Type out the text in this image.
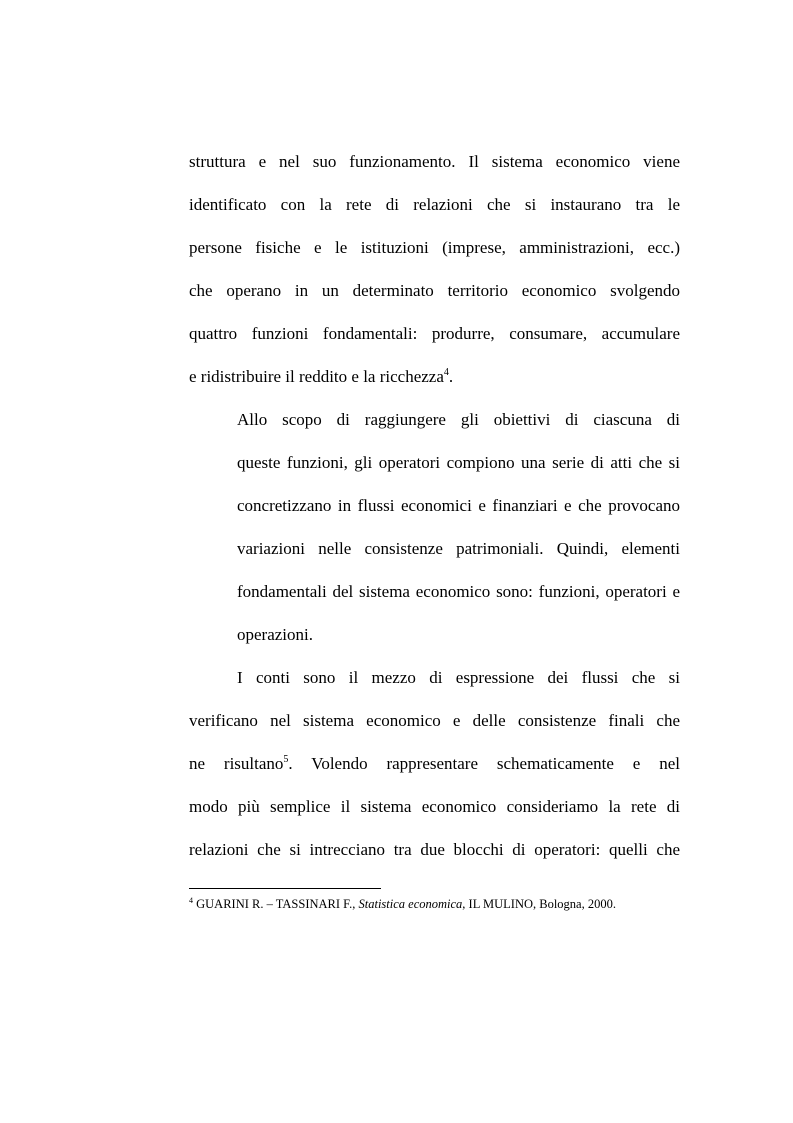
struttura e nel suo funzionamento. Il sistema economico viene
identificato con la rete di relazioni che si instaurano tra le
persone fisiche e le istituzioni (imprese, amministrazioni, ecc.)
che operano in un determinato territorio economico svolgendo
quattro funzioni fondamentali: produrre, consumare, accumulare
e ridistribuire il reddito e la ricchezza$^4$.
Allo scopo di raggiungere gli obiettivi di ciascuna di
queste funzioni, gli operatori compiono una serie di atti che si
concretizzano in flussi economici e finanziari e che provocano
variazioni nelle consistenze patrimoniali. Quindi, elementi
fondamentali del sistema economico sono: funzioni, operatori e
operazioni.
I conti sono il mezzo di espressione dei flussi che si
verificano nel sistema economico e delle consistenze finali che
ne risultano$^5$. Volendo rappresentare schematicamente e nel
modo più semplice il sistema economico consideriamo la rete di
relazioni che si intrecciano tra due blocchi di operatori: quelli che
$^4$ GUARINI R. – TASSINARI F., Statistica economica, IL MULINO, Bologna, 2000.
